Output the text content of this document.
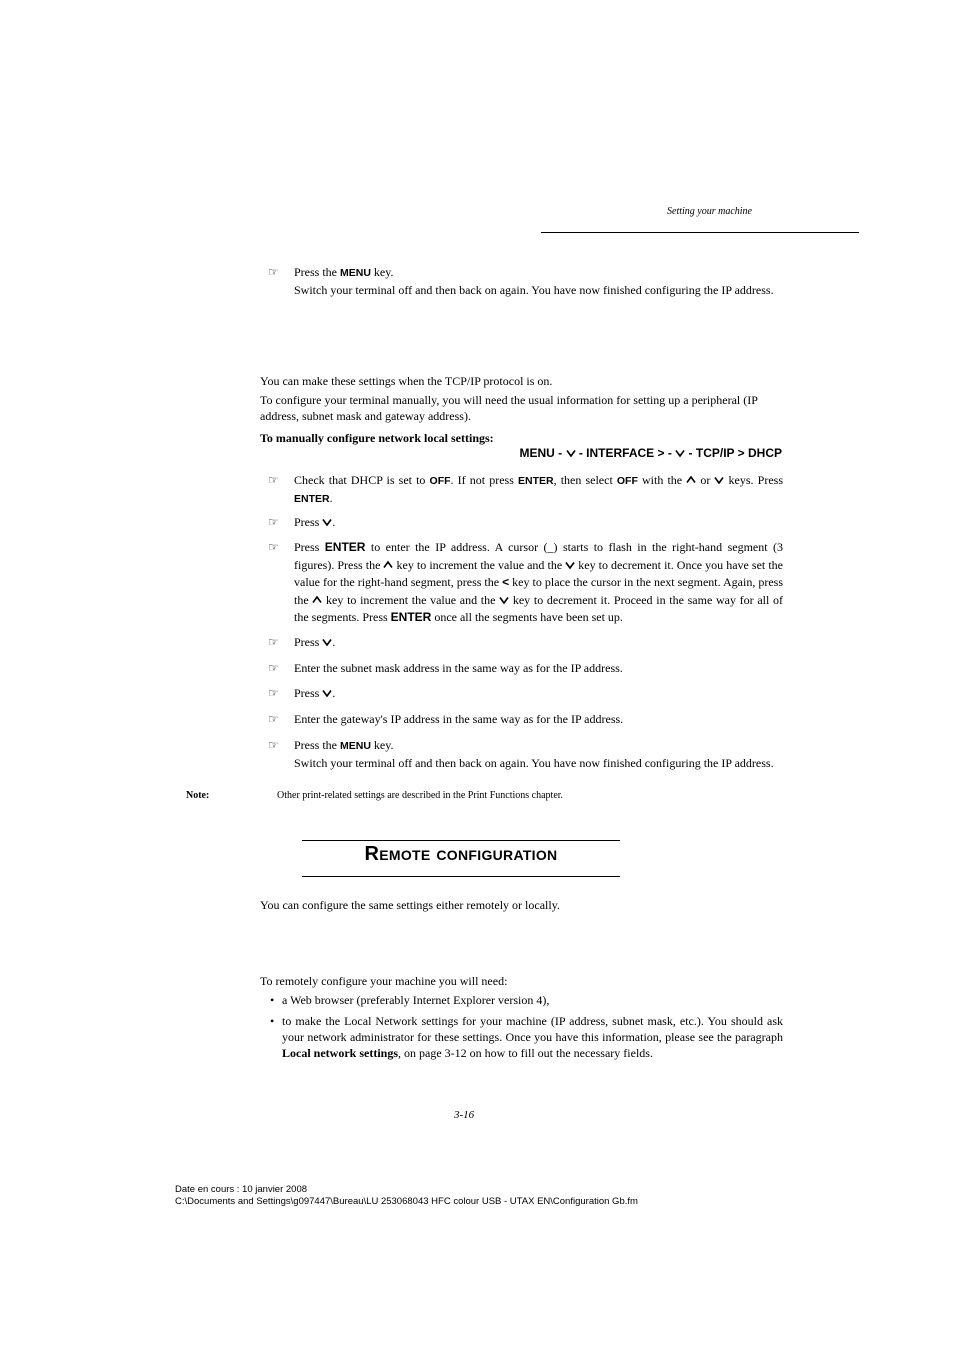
Setting your machine
☞	Press the MENU key.
Switch your terminal off and then back on again. You have now finished configuring the IP address.
You can make these settings when the TCP/IP protocol is on.
To configure your terminal manually, you will need the usual information for setting up a peripheral (IP address, subnet mask and gateway address).
To manually configure network local settings:
MENU -  - INTERFACE > -  - TCP/IP > DHCP
☞	Check that DHCP is set to OFF. If not press ENTER, then select OFF with the  or  keys. Press ENTER.
☞	Press .
☞	Press ENTER to enter the IP address. A cursor (_) starts to flash in the right-hand segment (3 figures). Press the  key to increment the value and the  key to decrement it. Once you have set the value for the right-hand segment, press the < key to place the cursor in the next segment. Again, press the  key to increment the value and the  key to decrement it. Proceed in the same way for all of the segments. Press ENTER once all the segments have been set up.
☞	Press .
☞	Enter the subnet mask address in the same way as for the IP address.
☞	Press .
☞	Enter the gateway's IP address in the same way as for the IP address.
☞	Press the MENU key.
Switch your terminal off and then back on again. You have now finished configuring the IP address.
Note:	Other print-related settings are described in the Print Functions chapter.
Remote configuration
You can configure the same settings either remotely or locally.
To remotely configure your machine you will need:
• a Web browser (preferably Internet Explorer version 4),
• to make the Local Network settings for your machine (IP address, subnet mask, etc.). You should ask your network administrator for these settings. Once you have this information, please see the paragraph Local network settings, on page 3-12 on how to fill out the necessary fields.
3-16
Date en cours : 10 janvier 2008
C:\Documents and Settings\g097447\Bureau\LU 253068043 HFC colour USB - UTAX EN\Configuration Gb.fm
